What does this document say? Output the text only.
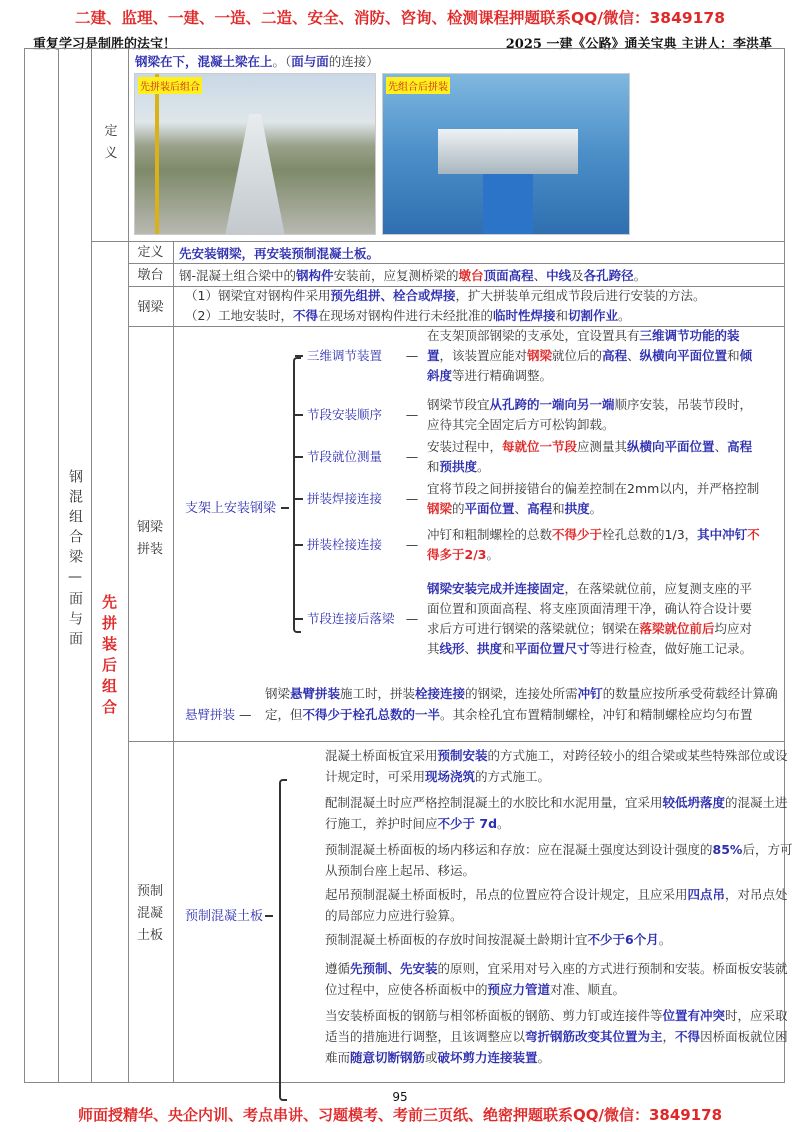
二建、监理、一建、一造、二造、安全、消防、咨询、检测课程押题联系QQ/微信：3849178
重复学习是制胜的法宝！	2025 一建《公路》通关宝典 主讲人：李洪革
钢混组合梁—面与面
先拼装后组合
定义
钢梁在下，混凝土梁在上。（面与面的连接）
先拼装后组合	先组合后拼装
定义	先安装钢梁，再安装预制混凝土板。
墩台	钢-混凝土组合梁中的钢构件安装前，应复测桥梁的墩台顶面高程、中线及各孔跨径。
钢梁
（1）钢梁宜对钢构件采用预先组拼、栓合或焊接，扩大拼装单元组成节段后进行安装的方法。
（2）工地安装时，不得在现场对钢构件进行未经批准的临时性焊接和切割作业。
钢梁拼装
支架上安装钢梁
三维调节装置	—
在支架顶部钢梁的支承处，宜设置具有三维调节功能的装置，该装置应能对钢梁就位后的高程、纵横向平面位置和倾斜度等进行精确调整。
节段安装顺序	—
钢梁节段宜从孔跨的一端向另一端顺序安装，吊装节段时，应待其完全固定后方可松钩卸载。
节段就位测量	—
安装过程中，每就位一节段应测量其纵横向平面位置、高程和预拱度。
拼装焊接连接	—
宜将节段之间拼接错台的偏差控制在2mm以内，并严格控制钢梁的平面位置、高程和拱度。
拼装栓接连接	—
冲钉和粗制螺栓的总数不得少于栓孔总数的1/3，其中冲钉不得多于2/3。
节段连接后落梁 —
钢梁安装完成并连接固定，在落梁就位前，应复测支座的平面位置和顶面高程、将支座顶面清理干净，确认符合设计要求后方可进行钢梁的落梁就位；钢梁在落梁就位前后均应对其线形、拱度和平面位置尺寸等进行检查，做好施工记录。
悬臂拼装 —
钢梁悬臂拼装施工时，拼装栓接连接的钢梁，连接处所需冲钉的数量应按所承受荷载经计算确定，但不得少于栓孔总数的一半。其余栓孔宜布置精制螺栓，冲钉和精制螺栓应均匀布置
预制混凝土板
预制混凝土板
混凝土桥面板宜采用预制安装的方式施工，对跨径较小的组合梁或某些特殊部位或设计规定时，可采用现场浇筑的方式施工。
配制混凝土时应严格控制混凝土的水胶比和水泥用量，宜采用较低坍落度的混凝土进行施工，养护时间应不少于 7d。
预制混凝土桥面板的场内移运和存放：应在混凝土强度达到设计强度的85%后，方可从预制台座上起吊、移运。
起吊预制混凝土桥面板时，吊点的位置应符合设计规定，且应采用四点吊，对吊点处的局部应力应进行验算。
预制混凝土桥面板的存放时间按混凝土龄期计宜不少于6个月。
遵循先预制、先安装的原则，宜采用对号入座的方式进行预制和安装。桥面板安装就位过程中，应使各桥面板中的预应力管道对准、顺直。
当安装桥面板的钢筋与相邻桥面板的钢筋、剪力钉或连接件等位置有冲突时，应采取适当的措施进行调整，且该调整应以弯折钢筋改变其位置为主，不得因桥面板就位困难而随意切断钢筋或破坏剪力连接装置。
95
师面授精华、央企内训、考点串讲、习题模考、考前三页纸、绝密押题联系QQ/微信：3849178
